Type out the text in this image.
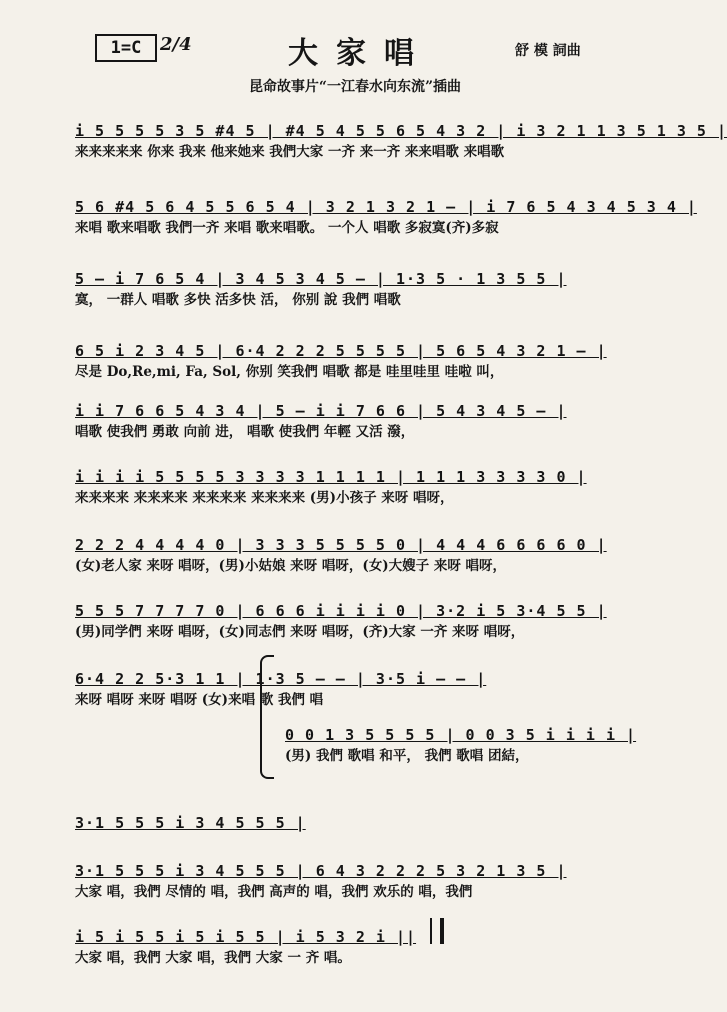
1=C	2/4	大家唱	舒 模 詞曲
昆命故事片“一江春水向东流”插曲
i 5 5 5 5 3 5 #4 5 | #4 5 4 5 5 6 5 4 3 2 | i 3 2 1 1 3 5 1 3 5 |
来来来来来 你来 我来 他来她来 我們大家 一齐 来一齐 来来唱歌 来唱歌
5 6 #4 5 6 4 5 5 6 5 4 | 3 2 1 3 2 1 — | i 7 6 5 4 3 4 5 3 4 |
来唱 歌来唱歌 我們一齐 来唱 歌来唱歌。 一个人 唱歌 多寂寞(齐)多寂
5 — i 7 6 5 4 | 3 4 5 3 4 5 — | 1·3 5 · 1 3 5 5 |
寞， 一群人 唱歌 多快 活多快 活， 你别 說 我們 唱歌
6 5 i 2 3 4 5 | 6·4 2 2 2 5 5 5 5 | 5 6 5 4 3 2 1 — |
尽是 Do,Re,mi, Fa, Sol, 你别 笑我們 唱歌 都是 哇里哇里 哇啦 叫，
i i 7 6 6 5 4 3 4 | 5 — i i 7 6 6 | 5 4 3 4 5 — |
唱歌 使我們 勇敢 向前 进， 唱歌 使我們 年輕 又活 潑，
i i i i 5 5 5 5 3 3 3 3 1 1 1 1 | 1 1 1 3 3 3 3 0 |
来来来来 来来来来 来来来来 来来来来 (男)小孩子 来呀 唱呀，
2 2 2 4 4 4 4 0 | 3 3 3 5 5 5 5 0 | 4 4 4 6 6 6 6 0 |
(女)老人家 来呀 唱呀，(男)小姑娘 来呀 唱呀，(女)大嫂子 来呀 唱呀，
5 5 5 7 7 7 7 0 | 6 6 6 i i i i 0 | 3·2 i 5 3·4 5 5 |
(男)同学們 来呀 唱呀，(女)同志們 来呀 唱呀，(齐)大家 一齐 来呀 唱呀，
6·4 2 2 5·3 1 1 | 1·3 5 — — | 3·5 i — — |
来呀 唱呀 来呀 唱呀 (女)来唱 歌 我們 唱
0 0 1 3 5 5 5 5 | 0 0 3 5 i i i i |
(男) 我們 歌唱 和平， 我們 歌唱 团結，
3·1 5 5 5 i 3 4 5 5 5 |
3·1 5 5 5 i 3 4 5 5 5 | 6 4 3 2 2 2 5 3 2 1 3 5 |
大家 唱，我們 尽情的 唱，我們 高声的 唱，我們 欢乐的 唱，我們
i 5 i 5 5 i 5 i 5 5 | i 5 3 2 i ||
大家 唱，我們 大家 唱，我們 大家 一 齐 唱。
